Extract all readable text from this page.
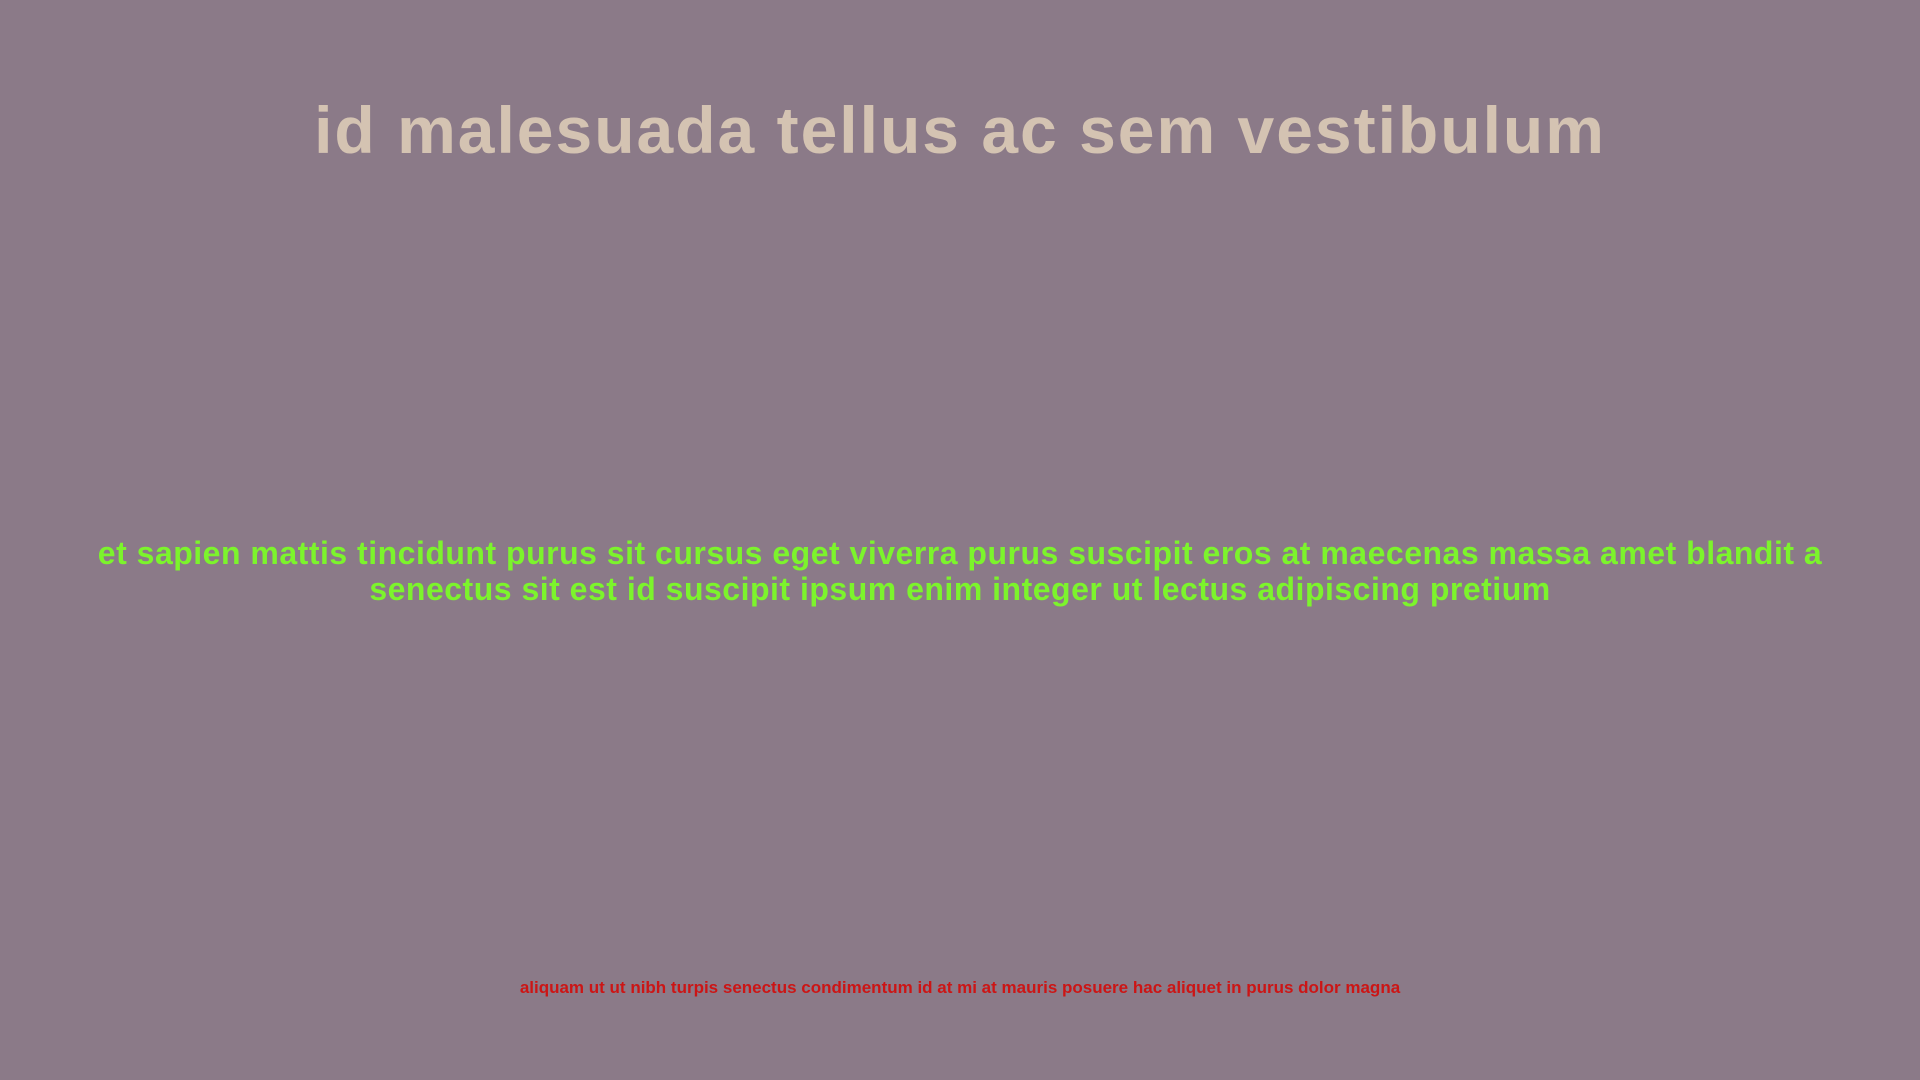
id malesuada tellus ac sem vestibulum

et sapien mattis tincidunt purus sit cursus eget viverra purus suscipit eros at maecenas massa amet blandit a senectus sit est id suscipit ipsum enim integer ut lectus adipiscing pretium

aliquam ut ut nibh turpis senectus condimentum id at mi at mauris posuere hac aliquet in purus dolor magna
